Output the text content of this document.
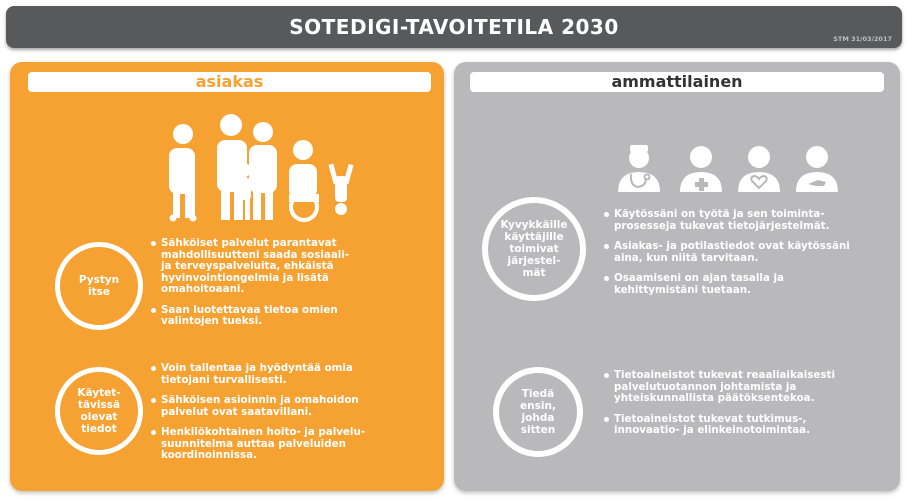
SOTEDIGI-TAVOITETILA 2030	STM 31/03/2017
asiakas
Pystyn
itse
Sähköiset palvelut parantavat
mahdollisuutteni saada sosiaali-
ja terveyspalveluita, ehkäistä
hyvinvointiongelmia ja lisätä
omahoitoaani.
Saan luotettavaa tietoa omien
valintojen tueksi.
Käytet-
tävissä
olevat
tiedot
Voin tallentaa ja hyödyntää omia
tietojani turvallisesti.
Sähköisen asioinnin ja omahoidon
palvelut ovat saatavillani.
Henkilökohtainen hoito- ja palvelu-
suunnitelma auttaa palveluiden
koordinoinnissa.
ammattilainen
Kyvykkäille
käyttäjille
toimivat
järjestel-
mät
Käytössäni on työtä ja sen toiminta-
prosesseja tukevat tietojärjestelmät.
Asiakas- ja potilastiedot ovat käytössäni
aina, kun niitä tarvitaan.
Osaamiseni on ajan tasalla ja
kehittymistäni tuetaan.
Tiedä
ensin,
johda
sitten
Tietoaineistot tukevat reaaliaikaisesti
palvelutuotannon johtamista ja
yhteiskunnallista päätöksentekoa.
Tietoaineistot tukevat tutkimus-,
innovaatio- ja elinkeinotoimintaa.
